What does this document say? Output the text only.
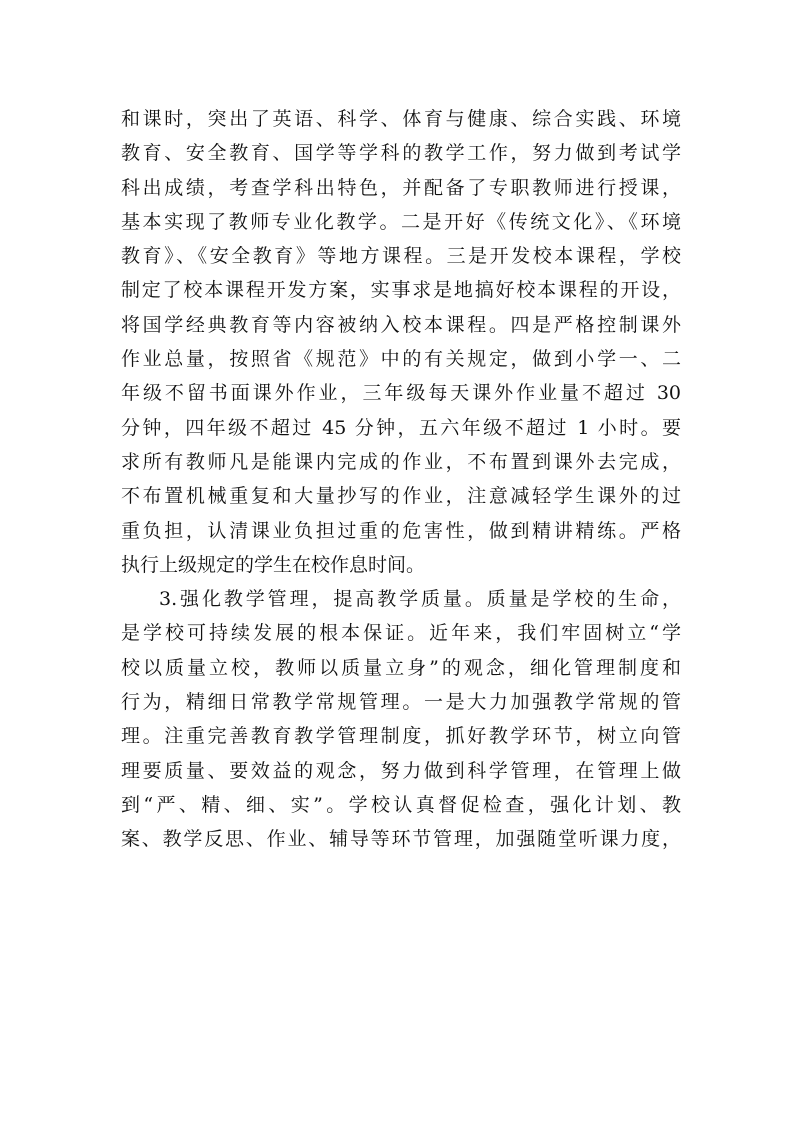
和课时，突出了英语、科学、体育与健康、综合实践、环境
教育、安全教育、国学等学科的教学工作，努力做到考试学
科出成绩，考查学科出特色，并配备了专职教师进行授课，
基本实现了教师专业化教学。二是开好《传统文化》、《环境
教育》、《安全教育》等地方课程。三是开发校本课程，学校
制定了校本课程开发方案，实事求是地搞好校本课程的开设，
将国学经典教育等内容被纳入校本课程。四是严格控制课外
作业总量，按照省《规范》中的有关规定，做到小学一、二
年级不留书面课外作业，三年级每天课外作业量不超过 30
分钟，四年级不超过 45 分钟，五六年级不超过 1 小时。要
求所有教师凡是能课内完成的作业，不布置到课外去完成，
不布置机械重复和大量抄写的作业，注意减轻学生课外的过
重负担，认清课业负担过重的危害性，做到精讲精练。严格
执行上级规定的学生在校作息时间。
3.强化教学管理，提高教学质量。质量是学校的生命，
是学校可持续发展的根本保证。近年来，我们牢固树立“学
校以质量立校，教师以质量立身”的观念，细化管理制度和
行为，精细日常教学常规管理。一是大力加强教学常规的管
理。注重完善教育教学管理制度，抓好教学环节，树立向管
理要质量、要效益的观念，努力做到科学管理，在管理上做
到“严、精、细、实”。学校认真督促检查，强化计划、教
案、教学反思、作业、辅导等环节管理，加强随堂听课力度，
